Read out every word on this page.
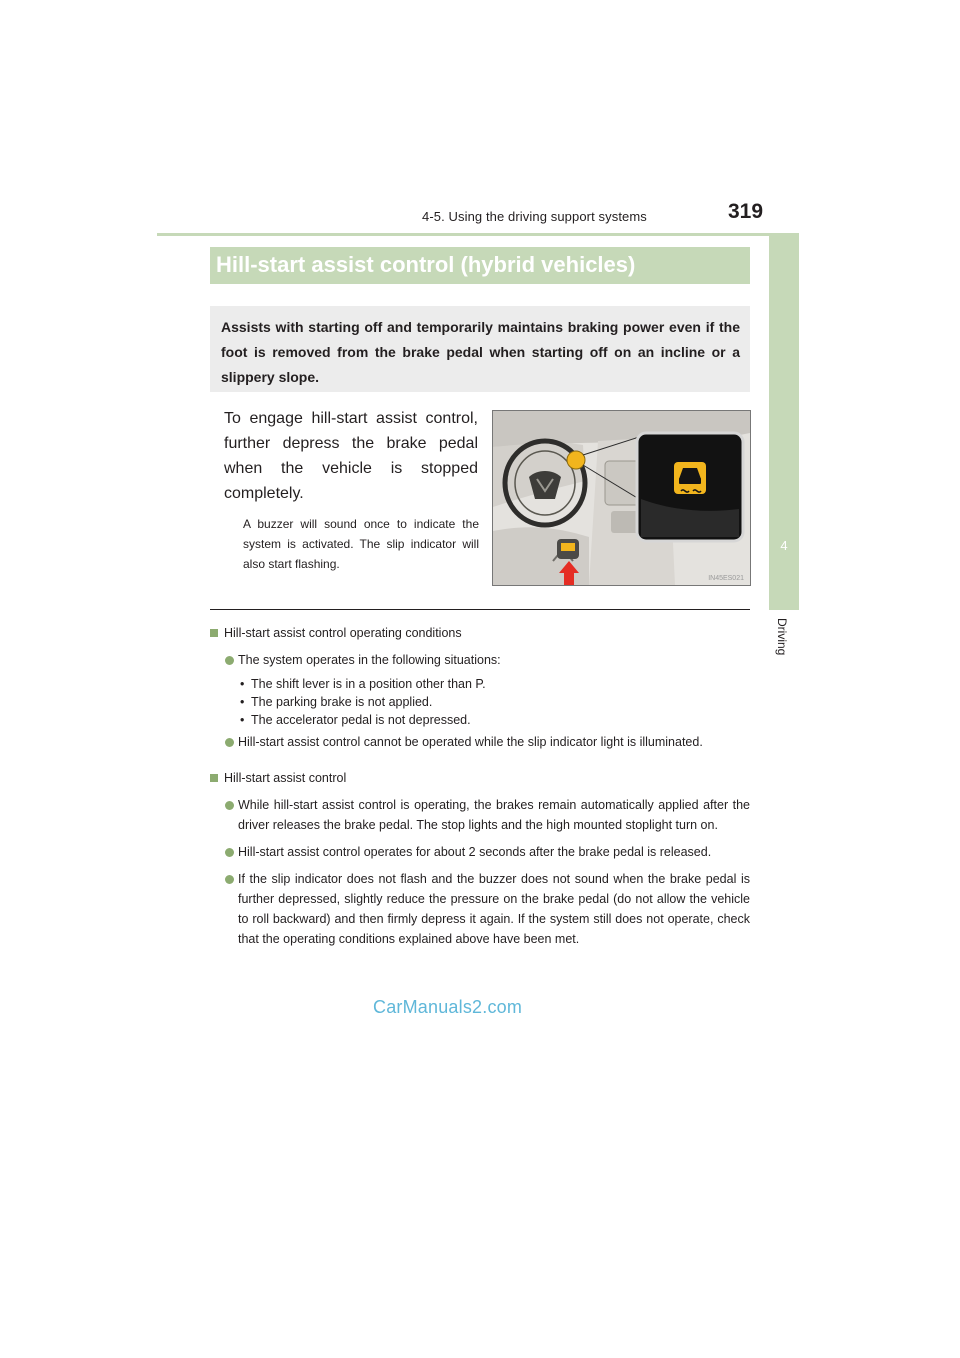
4-5. Using the driving support systems	319
4
Driving
Hill-start assist control (hybrid vehicles)
Assists with starting off and temporarily maintains braking power even if the foot is removed from the brake pedal when starting off on an incline or a slippery slope.
To engage hill-start assist control, further depress the brake pedal when the vehicle is stopped completely.
A buzzer will sound once to indicate the system is activated. The slip indicator will also start flashing.
IN45ES021
Hill-start assist control operating conditions
The system operates in the following situations:
• The shift lever is in a position other than P.
• The parking brake is not applied.
• The accelerator pedal is not depressed.
Hill-start assist control cannot be operated while the slip indicator light is illuminated.
Hill-start assist control
While hill-start assist control is operating, the brakes remain automatically applied after the driver releases the brake pedal. The stop lights and the high mounted stoplight turn on.
Hill-start assist control operates for about 2 seconds after the brake pedal is released.
If the slip indicator does not flash and the buzzer does not sound when the brake pedal is further depressed, slightly reduce the pressure on the brake pedal (do not allow the vehicle to roll backward) and then firmly depress it again. If the system still does not operate, check that the operating conditions explained above have been met.
CarManuals2.com
